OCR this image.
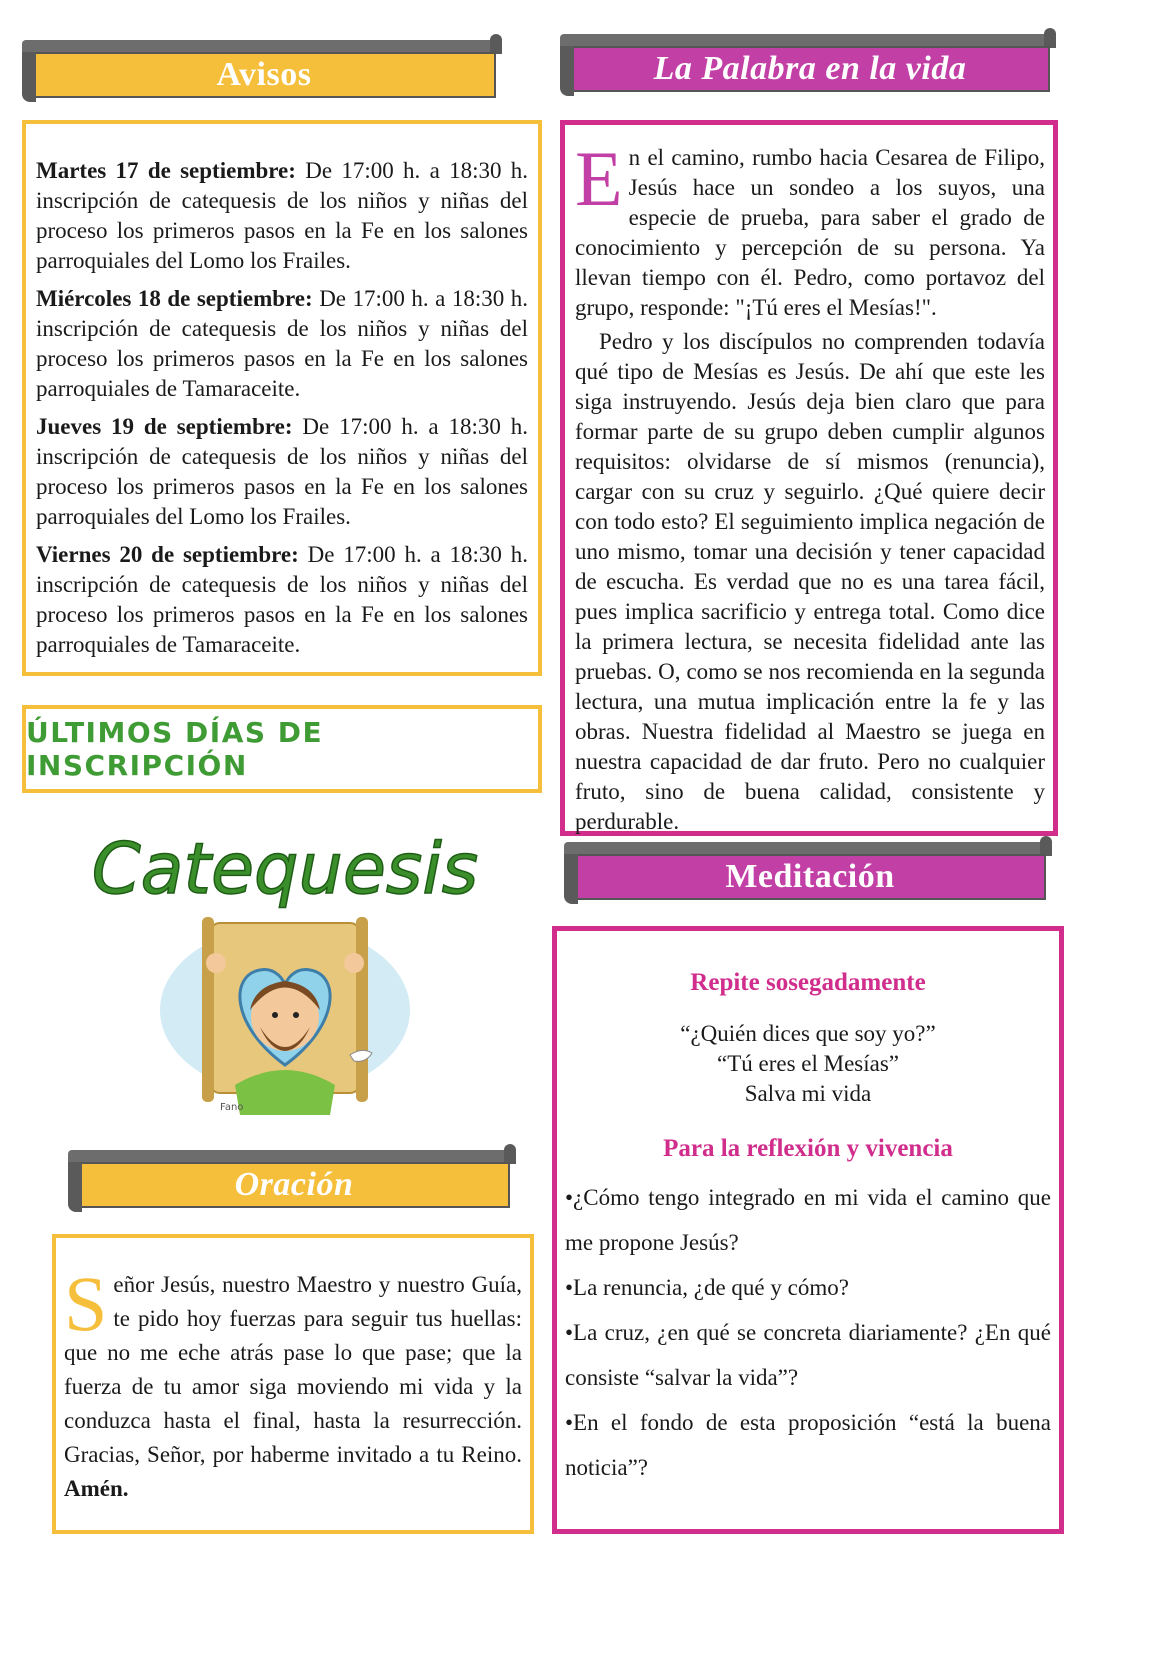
Avisos

Martes 17 de septiembre: De 17:00 h. a 18:30 h. inscripción de catequesis de los niños y niñas del proceso los primeros pasos en la Fe en los salones parroquiales del Lomo los Frailes.

Miércoles 18 de septiembre: De 17:00 h. a 18:30 h. inscripción de catequesis de los niños y niñas del proceso los primeros pasos en la Fe en los salones parroquiales de Tamaraceite.

Jueves 19 de septiembre: De 17:00 h. a 18:30 h. inscripción de catequesis de los niños y niñas del proceso los primeros pasos en la Fe en los salones parroquiales del Lomo los Frailes.

Viernes 20 de septiembre: De 17:00 h. a 18:30 h. inscripción de catequesis de los niños y niñas del proceso los primeros pasos en la Fe en los salones parroquiales de Tamaraceite.

ÚLTIMOS DÍAS DE INSCRIPCIÓN
Catequesis
Fano
Oración

Señor Jesús, nuestro Maestro y nuestro Guía, te pido hoy fuerzas para seguir tus huellas: que no me eche atrás pase lo que pase; que la fuerza de tu amor siga moviendo mi vida y la conduzca hasta el final, hasta la resurrección. Gracias, Señor, por haberme invitado a tu Reino. Amén.

La Palabra en la vida

En el camino, rumbo hacia Cesarea de Filipo, Jesús hace un sondeo a los suyos, una especie de prueba, para saber el grado de conocimiento y percepción de su persona. Ya llevan tiempo con él. Pedro, como portavoz del grupo, responde: "¡Tú eres el Mesías!".

Pedro y los discípulos no comprenden todavía qué tipo de Mesías es Jesús. De ahí que este les siga instruyendo. Jesús deja bien claro que para formar parte de su grupo deben cumplir algunos requisitos: olvidarse de sí mismos (renuncia), cargar con su cruz y seguirlo. ¿Qué quiere decir con todo esto? El seguimiento implica negación de uno mismo, tomar una decisión y tener capacidad de escucha. Es verdad que no es una tarea fácil, pues implica sacrificio y entrega total. Como dice la primera lectura, se necesita fidelidad ante las pruebas. O, como se nos recomienda en la segunda lectura, una mutua implicación entre la fe y las obras. Nuestra fidelidad al Maestro se juega en nuestra capacidad de dar fruto. Pero no cualquier fruto, sino de buena calidad, consistente y perdurable.

Meditación
Repite sosegadamente
“¿Quién dices que soy yo?”
“Tú eres el Mesías”
Salva mi vida
Para la reflexión y vivencia

•¿Cómo tengo integrado en mi vida el camino que me propone Jesús?

•La renuncia, ¿de qué y cómo?

•La cruz, ¿en qué se concreta diariamente? ¿En qué consiste “salvar la vida”?

•En el fondo de esta proposición “está la buena noticia”?
